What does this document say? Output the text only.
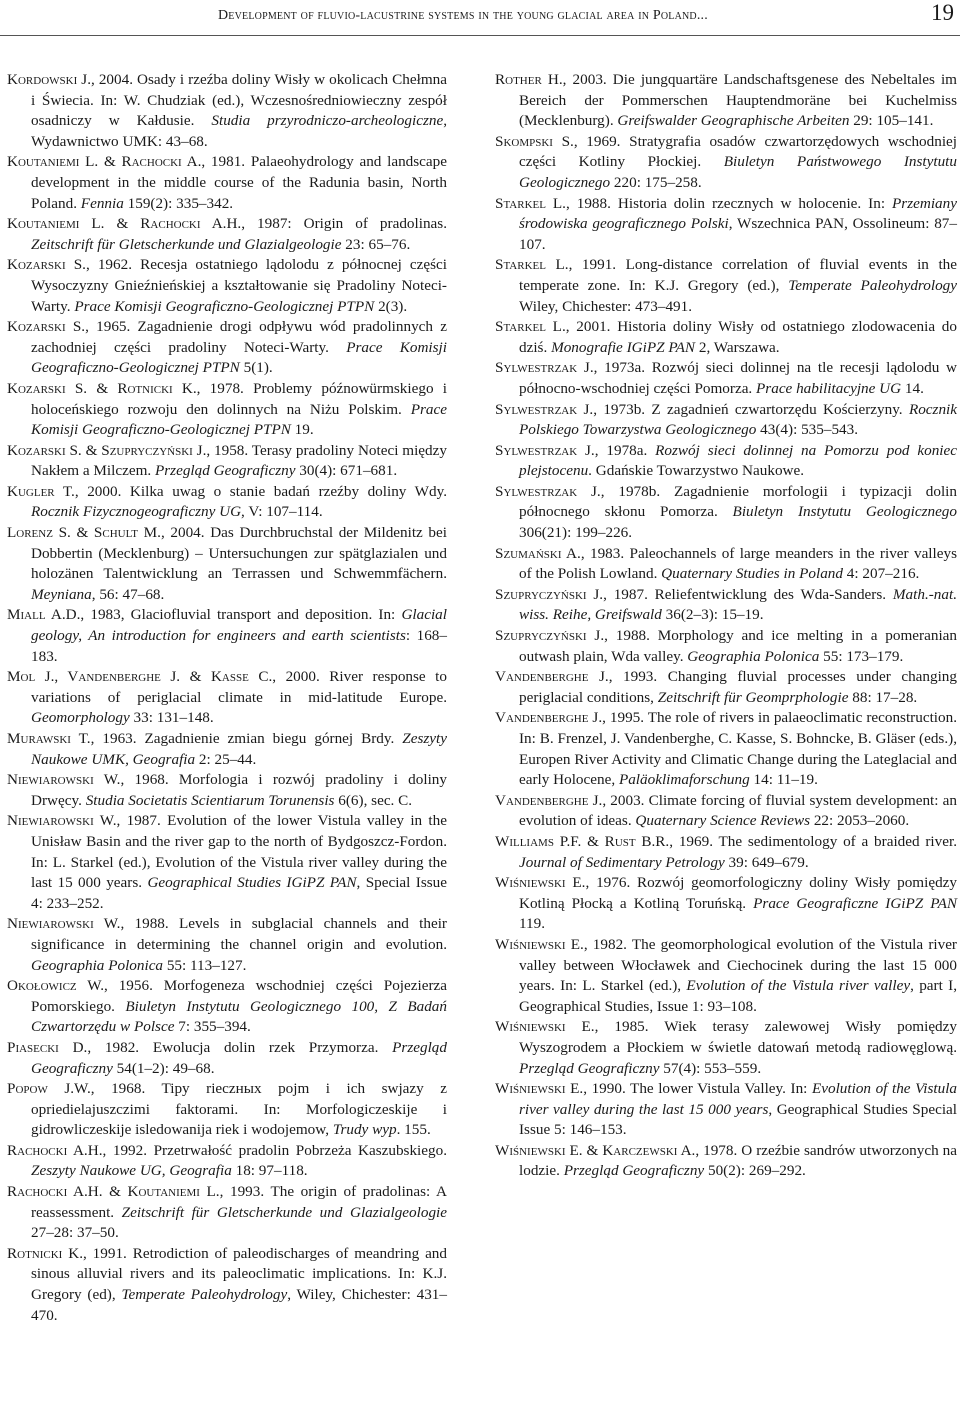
Development of fluvio-lacustrine systems in the young glacial area in Poland...	19

Kordowski J., 2004. Osady i rzeźba doliny Wisły w okolicach Chełmna i Świecia. In: W. Chudziak (ed.), Wczesnośredniowieczny zespół osadniczy w Kałdusie. Studia przyrodniczo-archeologiczne, Wydawnictwo UMK: 43–68.

Koutaniemi L. & Rachocki A., 1981. Palaeohydrology and landscape development in the middle course of the Radunia basin, North Poland. Fennia 159(2): 335–342.

Koutaniemi L. & Rachocki A.H., 1987: Origin of pradolinas. Zeitschrift für Gletscherkunde und Glazialgeologie 23: 65–76.

Kozarski S., 1962. Recesja ostatniego lądolodu z północnej części Wysoczyzny Gnieźnieńskiej a kształtowanie się Pradoliny Noteci-Warty. Prace Komisji Geograficzno-Geologicznej PTPN 2(3).

Kozarski S., 1965. Zagadnienie drogi odpływu wód pradolinnych z zachodniej części pradoliny Noteci-Warty. Prace Komisji Geograficzno-Geologicznej PTPN 5(1).

Kozarski S. & Rotnicki K., 1978. Problemy późnowürmskiego i holoceńskiego rozwoju den dolinnych na Niżu Polskim. Prace Komisji Geograficzno-Geologicznej PTPN 19.

Kozarski S. & Szupryczyński J., 1958. Terasy pradoliny Noteci między Nakłem a Milczem. Przegląd Geograficzny 30(4): 671–681.

Kugler T., 2000. Kilka uwag o stanie badań rzeźby doliny Wdy. Rocznik Fizycznogeograficzny UG, V: 107–114.

Lorenz S. & Schult M., 2004. Das Durchbruchstal der Mildenitz bei Dobbertin (Mecklenburg) – Untersuchungen zur spätglazialen und holozänen Talentwicklung an Terrassen und Schwemmfächern. Meyniana, 56: 47–68.

Miall A.D., 1983, Glaciofluvial transport and deposition. In: Glacial geology, An introduction for engineers and earth scientists: 168–183.

Mol J., Vandenberghe J. & Kasse C., 2000. River response to variations of periglacial climate in mid-latitude Europe. Geomorphology 33: 131–148.

Murawski T., 1963. Zagadnienie zmian biegu górnej Brdy. Zeszyty Naukowe UMK, Geografia 2: 25–44.

Niewiarowski W., 1968. Morfologia i rozwój pradoliny i doliny Drwęcy. Studia Societatis Scientiarum Torunensis 6(6), sec. C.

Niewiarowski W., 1987. Evolution of the lower Vistula valley in the Unisław Basin and the river gap to the north of Bydgoszcz-Fordon. In: L. Starkel (ed.), Evolution of the Vistula river valley during the last 15 000 years. Geographical Studies IGiPZ PAN, Special Issue 4: 233–252.

Niewiarowski W., 1988. Levels in subglacial channels and their significance in determining the channel origin and evolution. Geographia Polonica 55: 113–127.

Okołowicz W., 1956. Morfogeneza wschodniej części Pojezierza Pomorskiego. Biuletyn Instytutu Geologicznego 100, Z Badań Czwartorzędu w Polsce 7: 355–394.

Piasecki D., 1982. Ewolucja dolin rzek Przymorza. Przegląd Geograficzny 54(1–2): 49–68.

Popow J.W., 1968. Tipy rieczных pojm i ich swjazy z opriedielajuszczimi faktorami. In: Morfologiczeskije i gidrowliczeskije isledowanija riek i wodojemow, Trudy wyp. 155.

Rachocki A.H., 1992. Przetrwałość pradolin Pobrzeża Kaszubskiego. Zeszyty Naukowe UG, Geografia 18: 97–118.

Rachocki A.H. & Koutaniemi L., 1993. The origin of pradolinas: A reassessment. Zeitschrift für Gletscherkunde und Glazialgeologie 27–28: 37–50.

Rotnicki K., 1991. Retrodiction of paleodischarges of meandring and sinous alluvial rivers and its paleoclimatic implications. In: K.J. Gregory (ed), Temperate Paleohydrology, Wiley, Chichester: 431–470.

Rother H., 2003. Die jungquartäre Landschaftsgenese des Nebeltales im Bereich der Pommerschen Hauptendmoräne bei Kuchelmiss (Mecklenburg). Greifswalder Geographische Arbeiten 29: 105–141.

Skompski S., 1969. Stratygrafia osadów czwartorzędowych wschodniej części Kotliny Płockiej. Biuletyn Państwowego Instytutu Geologicznego 220: 175–258.

Starkel L., 1988. Historia dolin rzecznych w holocenie. In: Przemiany środowiska geograficznego Polski, Wszechnica PAN, Ossolineum: 87–107.

Starkel L., 1991. Long-distance correlation of fluvial events in the temperate zone. In: K.J. Gregory (ed.), Temperate Paleohydrology Wiley, Chichester: 473–491.

Starkel L., 2001. Historia doliny Wisły od ostatniego zlodowacenia do dziś. Monografie IGiPZ PAN 2, Warszawa.

Sylwestrzak J., 1973a. Rozwój sieci dolinnej na tle recesji lądolodu w północno-wschodniej części Pomorza. Prace habilitacyjne UG 14.

Sylwestrzak J., 1973b. Z zagadnień czwartorzędu Kościerzyny. Rocznik Polskiego Towarzystwa Geologicznego 43(4): 535–543.

Sylwestrzak J., 1978a. Rozwój sieci dolinnej na Pomorzu pod koniec plejstocenu. Gdańskie Towarzystwo Naukowe.

Sylwestrzak J., 1978b. Zagadnienie morfologii i typizacji dolin północnego skłonu Pomorza. Biuletyn Instytutu Geologicznego 306(21): 199–226.

Szumański A., 1983. Paleochannels of large meanders in the river valleys of the Polish Lowland. Quaternary Studies in Poland 4: 207–216.

Szupryczyński J., 1987. Reliefentwicklung des Wda-Sanders. Math.-nat. wiss. Reihe, Greifswald 36(2–3): 15–19.

Szupryczyński J., 1988. Morphology and ice melting in a pomeranian outwash plain, Wda valley. Geographia Polonica 55: 173–179.

Vandenberghe J., 1993. Changing fluvial processes under changing periglacial conditions, Zeitschrift für Geomprphologie 88: 17–28.

Vandenberghe J., 1995. The role of rivers in palaeoclimatic reconstruction. In: B. Frenzel, J. Vandenberghe, C. Kasse, S. Bohncke, B. Gläser (eds.), Europen River Activity and Climatic Change during the Lateglacial and early Holocene, Paläoklimaforschung 14: 11–19.

Vandenberghe J., 2003. Climate forcing of fluvial system development: an evolution of ideas. Quaternary Science Reviews 22: 2053–2060.

Williams P.F. & Rust B.R., 1969. The sedimentology of a braided river. Journal of Sedimentary Petrology 39: 649–679.

Wiśniewski E., 1976. Rozwój geomorfologiczny doliny Wisły pomiędzy Kotliną Płocką a Kotliną Toruńską. Prace Geograficzne IGiPZ PAN 119.

Wiśniewski E., 1982. The geomorphological evolution of the Vistula river valley between Włocławek and Ciechocinek during the last 15 000 years. In: L. Starkel (ed.), Evolution of the Vistula river valley, part I, Geographical Studies, Issue 1: 93–108.

Wiśniewski E., 1985. Wiek terasy zalewowej Wisły pomiędzy Wyszogrodem a Płockiem w świetle datowań metodą radiowęglową. Przegląd Geograficzny 57(4): 553–559.

Wiśniewski E., 1990. The lower Vistula Valley. In: Evolution of the Vistula river valley during the last 15 000 years, Geographical Studies Special Issue 5: 146–153.

Wiśniewski E. & Karczewski A., 1978. O rzeźbie sandrów utworzonych na lodzie. Przegląd Geograficzny 50(2): 269–292.
